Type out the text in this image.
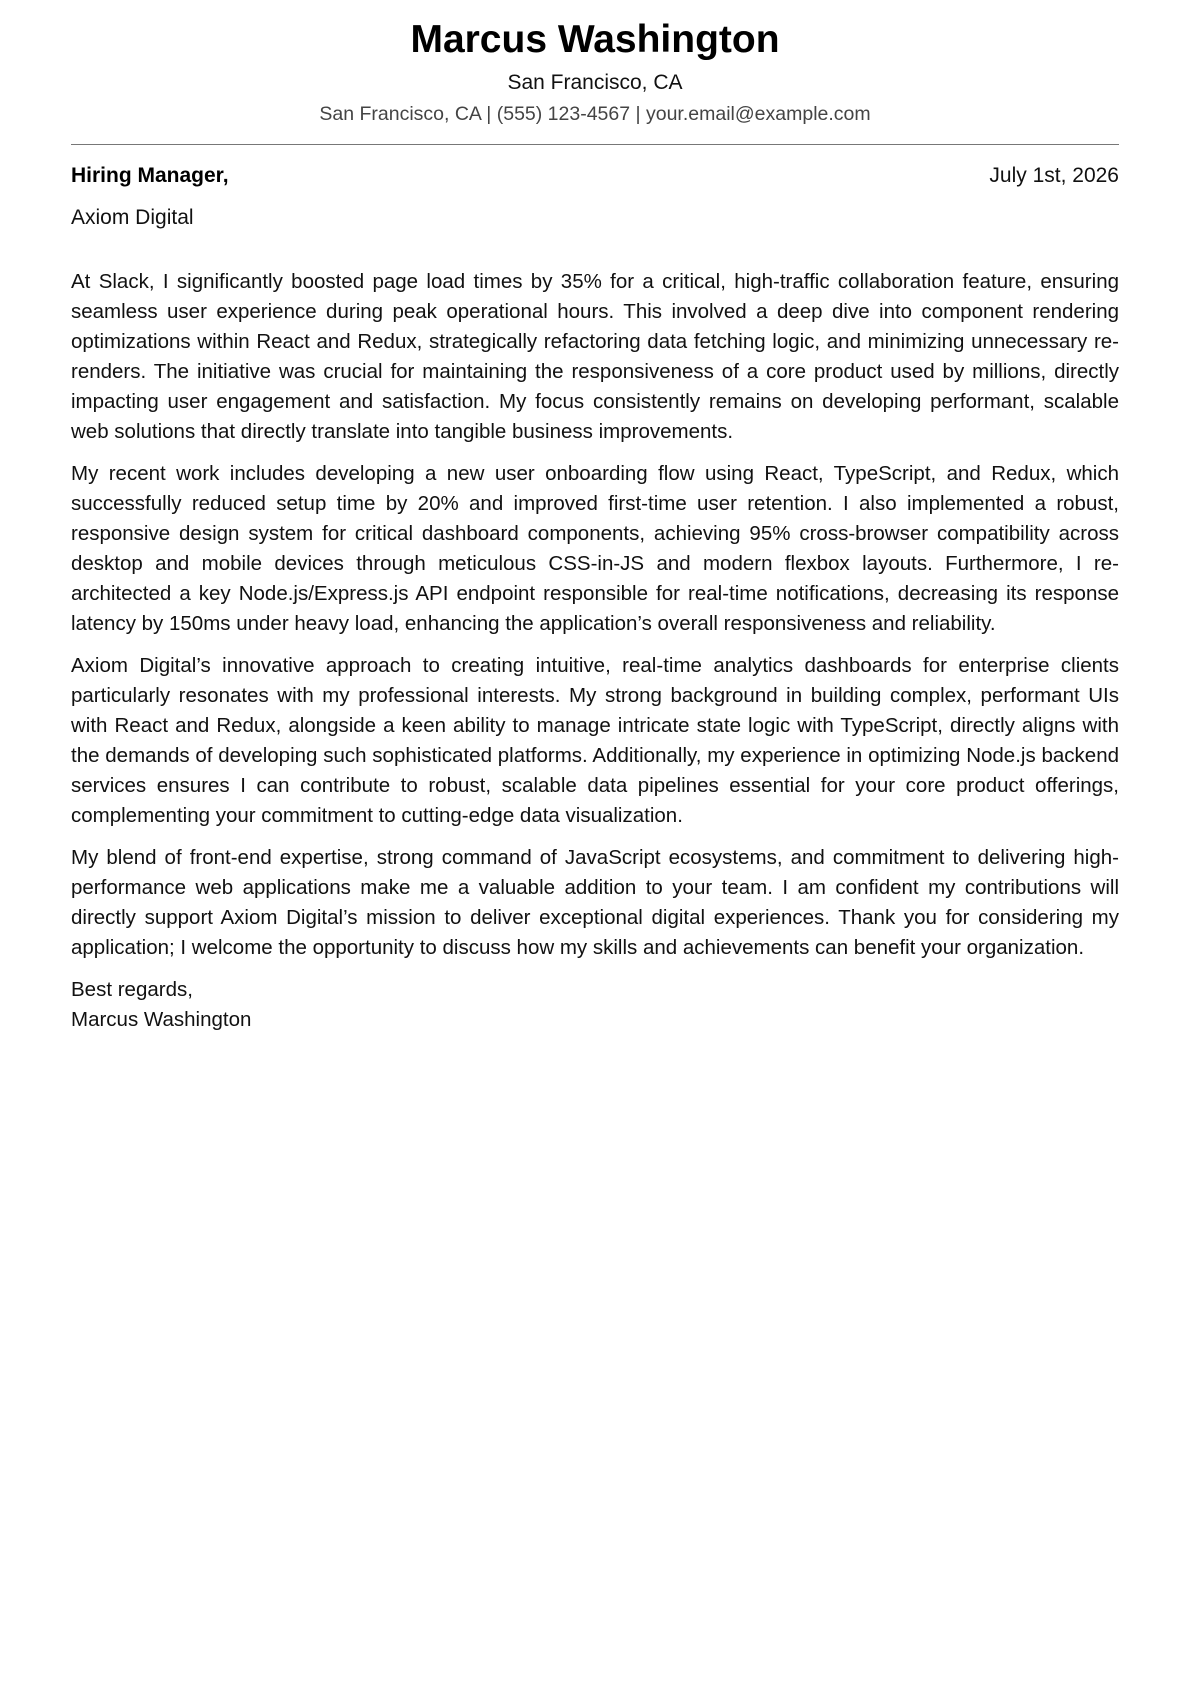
Marcus Washington
San Francisco, CA
San Francisco, CA | (555) 123-4567 | your.email@example.com
Hiring Manager,	July 1st, 2026
Axiom Digital

At Slack, I significantly boosted page load times by 35% for a critical, high-traffic collaboration feature, ensuring seamless user experience during peak operational hours. This involved a deep dive into component rendering optimizations within React and Redux, strategically refactoring data fetching logic, and minimizing unnecessary re-renders. The initiative was crucial for maintaining the responsiveness of a core product used by millions, directly impacting user engagement and satisfaction. My focus consistently remains on developing performant, scalable web solutions that directly translate into tangible business improvements.

My recent work includes developing a new user onboarding flow using React, TypeScript, and Redux, which successfully reduced setup time by 20% and improved first-time user retention. I also implemented a robust, responsive design system for critical dashboard components, achieving 95% cross-browser compatibility across desktop and mobile devices through meticulous CSS-in-JS and modern flexbox layouts. Furthermore, I re-architected a key Node.js/Express.js API endpoint responsible for real-time notifications, decreasing its response latency by 150ms under heavy load, enhancing the application’s overall responsiveness and reliability.

Axiom Digital’s innovative approach to creating intuitive, real-time analytics dashboards for enterprise clients particularly resonates with my professional interests. My strong background in building complex, performant UIs with React and Redux, alongside a keen ability to manage intricate state logic with TypeScript, directly aligns with the demands of developing such sophisticated platforms. Additionally, my experience in optimizing Node.js backend services ensures I can contribute to robust, scalable data pipelines essential for your core product offerings, complementing your commitment to cutting-edge data visualization.

My blend of front-end expertise, strong command of JavaScript ecosystems, and commitment to delivering high-performance web applications make me a valuable addition to your team. I am confident my contributions will directly support Axiom Digital’s mission to deliver exceptional digital experiences. Thank you for considering my application; I welcome the opportunity to discuss how my skills and achievements can benefit your organization.

Best regards,
Marcus Washington
